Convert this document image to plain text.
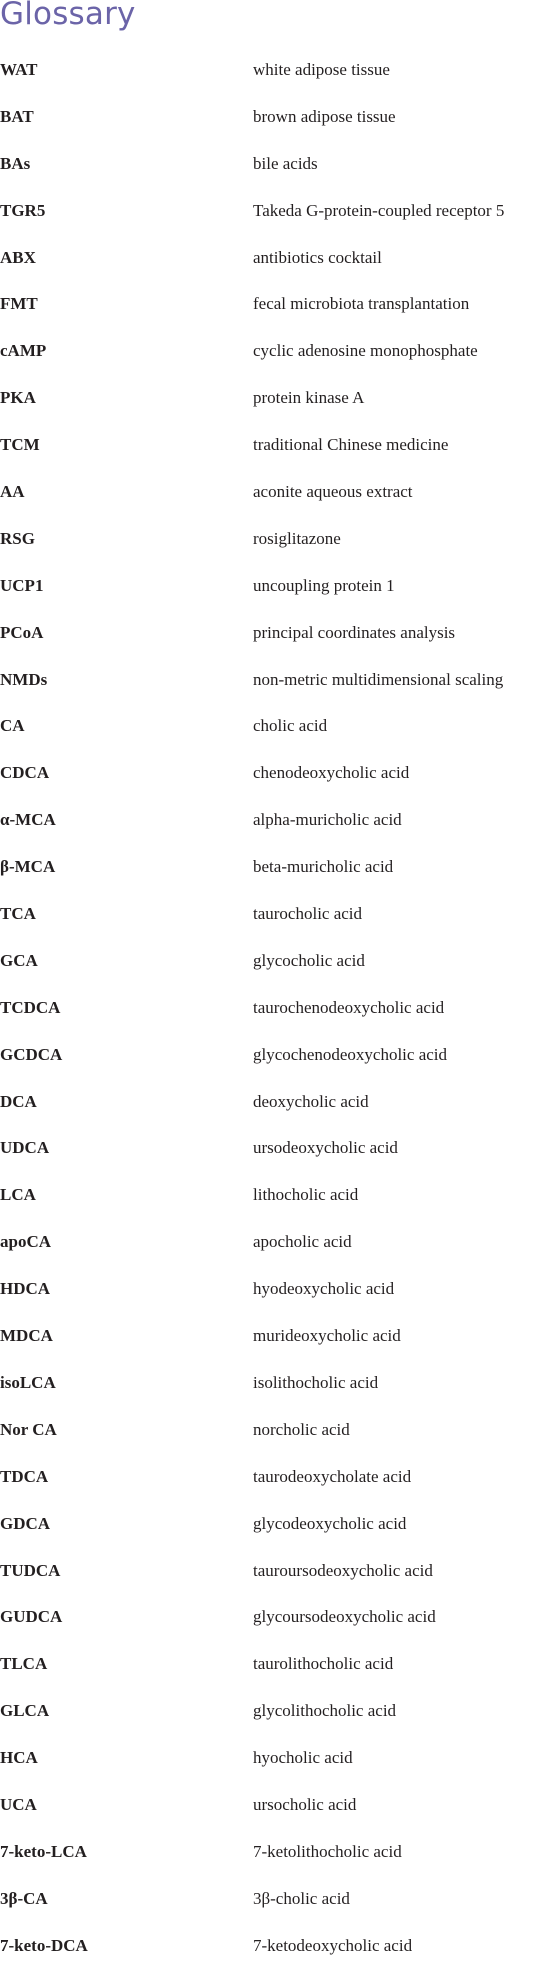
Glossary
WAT	white adipose tissue
BAT	brown adipose tissue
BAs	bile acids
TGR5	Takeda G-protein-coupled receptor 5
ABX	antibiotics cocktail
FMT	fecal microbiota transplantation
cAMP	cyclic adenosine monophosphate
PKA	protein kinase A
TCM	traditional Chinese medicine
AA	aconite aqueous extract
RSG	rosiglitazone
UCP1	uncoupling protein 1
PCoA	principal coordinates analysis
NMDs	non-metric multidimensional scaling
CA	cholic acid
CDCA	chenodeoxycholic acid
α-MCA	alpha-muricholic acid
β-MCA	beta-muricholic acid
TCA	taurocholic acid
GCA	glycocholic acid
TCDCA	taurochenodeoxycholic acid
GCDCA	glycochenodeoxycholic acid
DCA	deoxycholic acid
UDCA	ursodeoxycholic acid
LCA	lithocholic acid
apoCA	apocholic acid
HDCA	hyodeoxycholic acid
MDCA	murideoxycholic acid
isoLCA	isolithocholic acid
Nor CA	norcholic acid
TDCA	taurodeoxycholate acid
GDCA	glycodeoxycholic acid
TUDCA	tauroursodeoxycholic acid
GUDCA	glycoursodeoxycholic acid
TLCA	taurolithocholic acid
GLCA	glycolithocholic acid
HCA	hyocholic acid
UCA	ursocholic acid
7-keto-LCA	7-ketolithocholic acid
3β-CA	3β-cholic acid
7-keto-DCA	7-ketodeoxycholic acid
